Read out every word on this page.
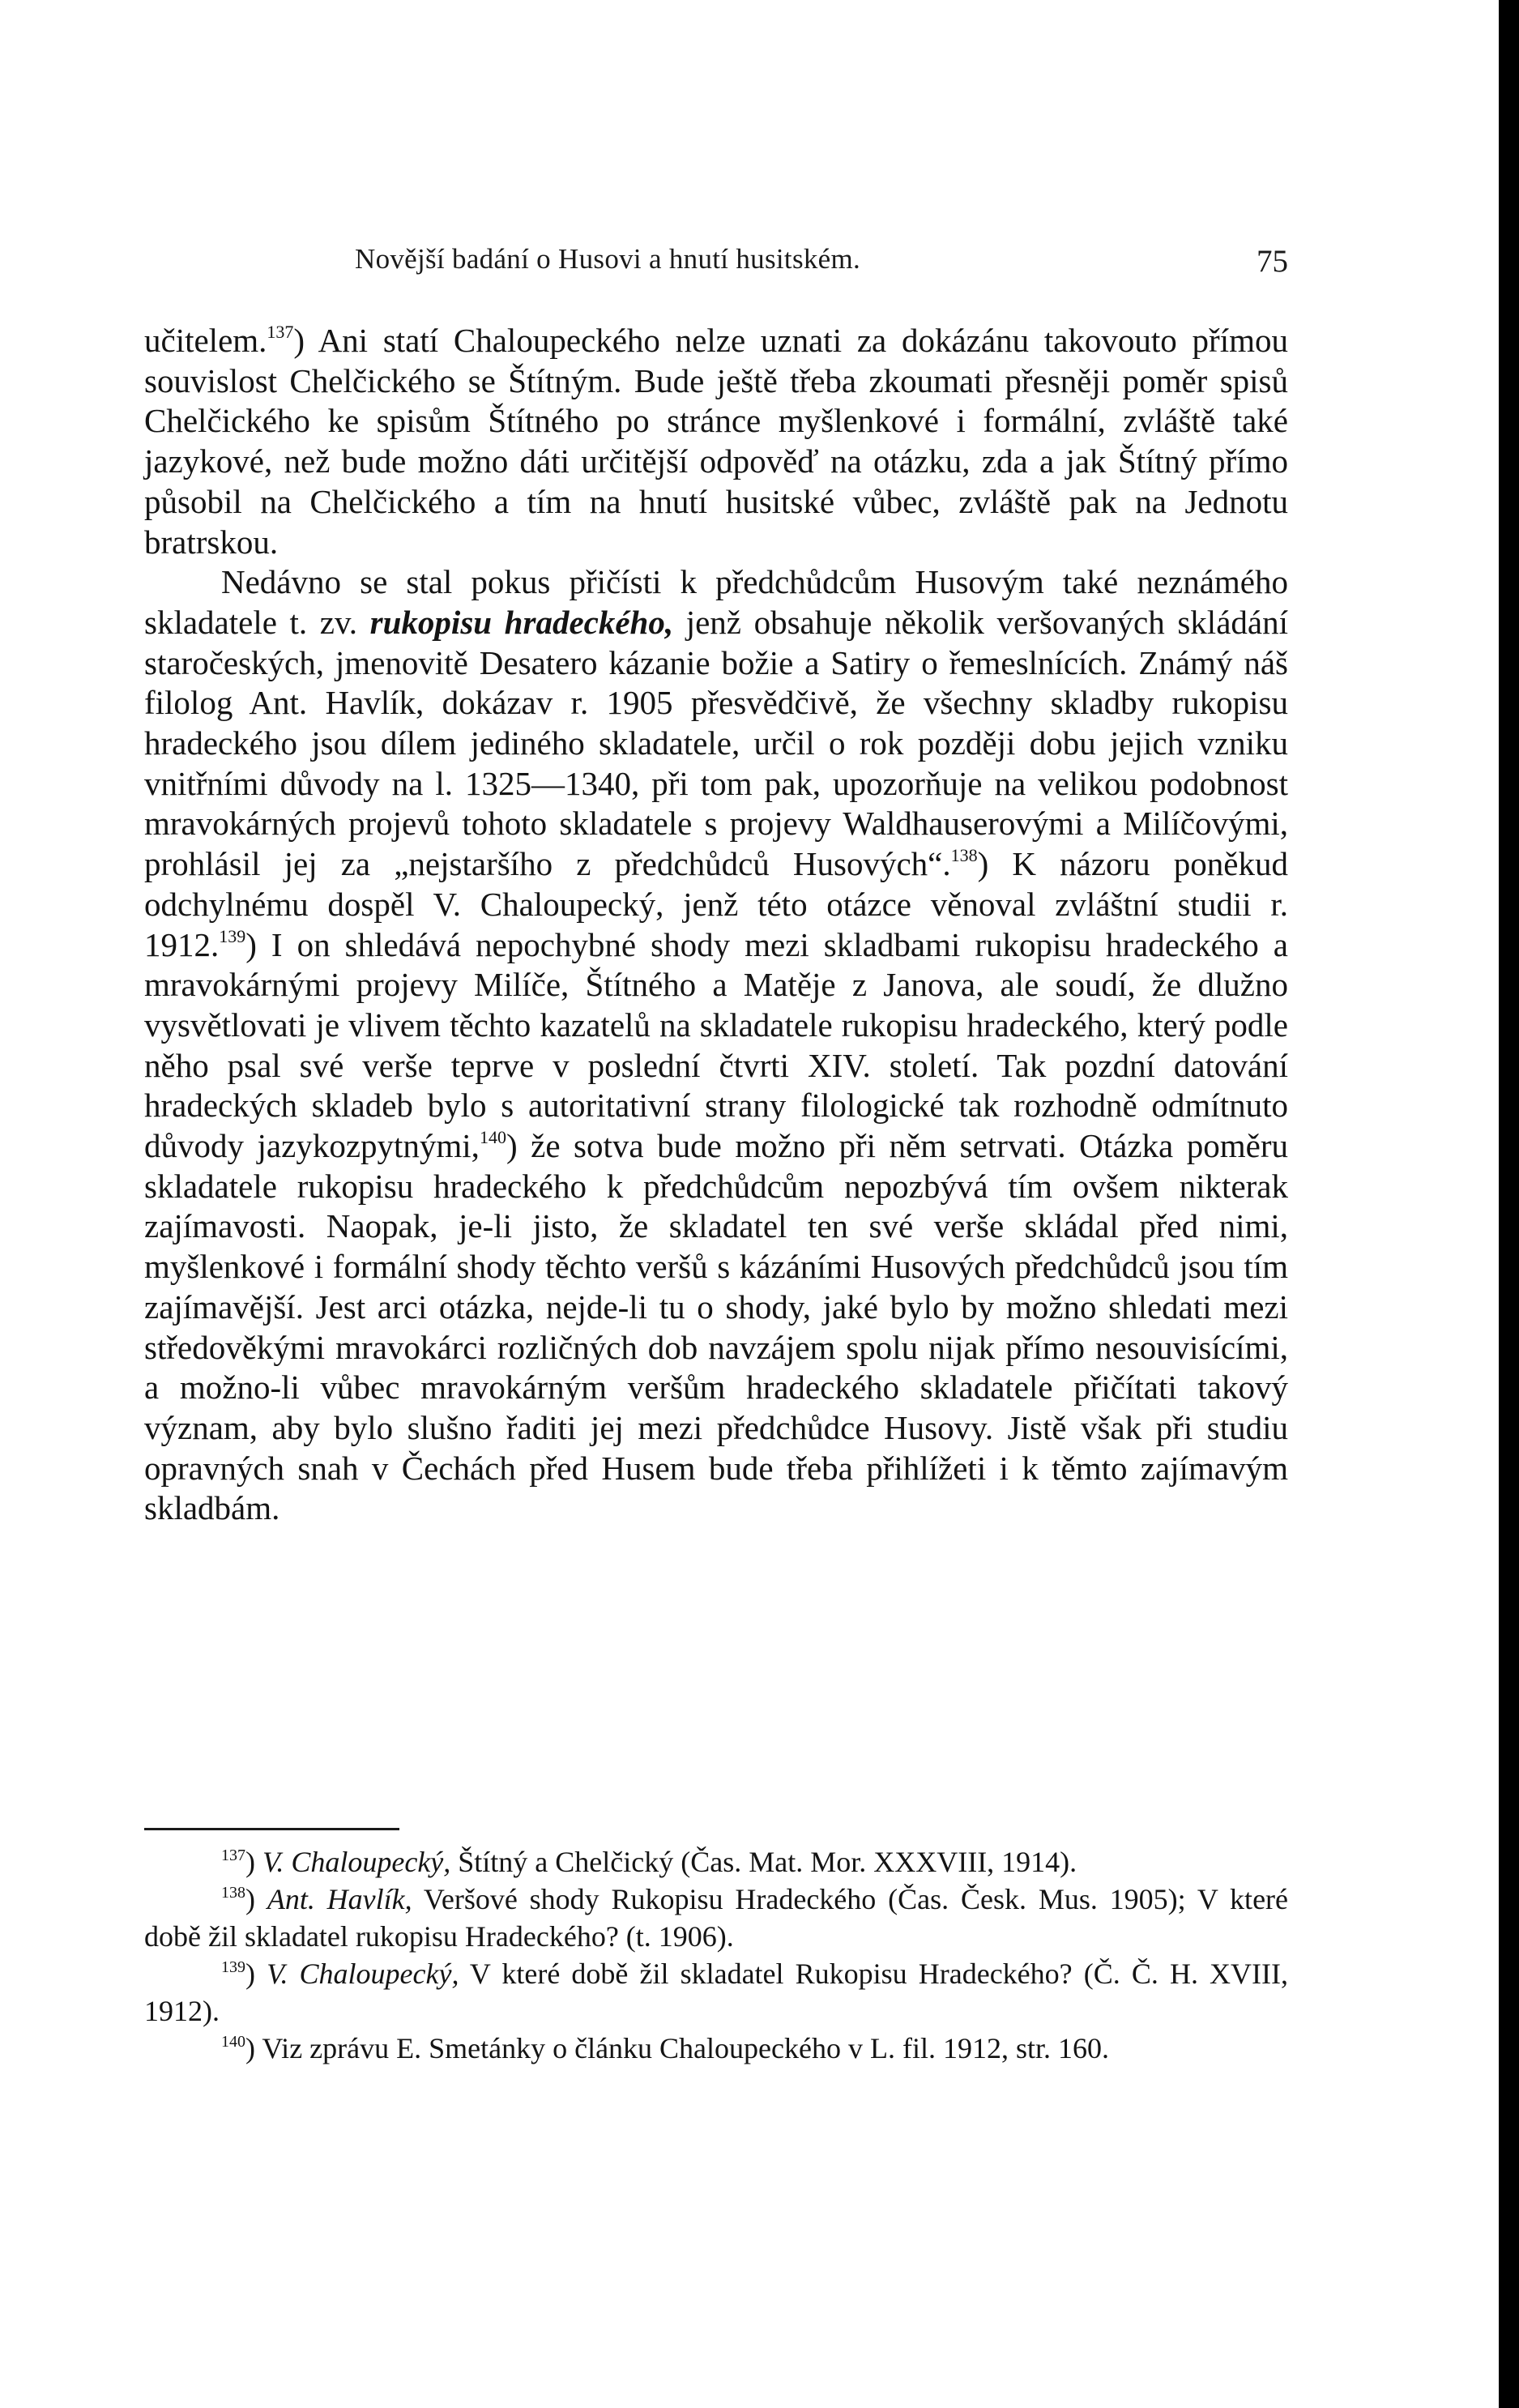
Novější badání o Husovi a hnutí husitském.	75

učitelem.$^{137}$) Ani statí Chaloupeckého nelze uznati za dokázánu takovouto přímou souvislost Chelčického se Štítným. Bude ještě třeba zkoumati přesněji poměr spisů Chelčického ke spisům Štítného po stránce myšlenkové i formální, zvláště také jazykové, než bude možno dáti určitější odpověď na otázku, zda a jak Štítný přímo působil na Chelčického a tím na hnutí husitské vůbec, zvláště pak na Jednotu bratrskou.

Nedávno se stal pokus přičísti k předchůdcům Husovým také neznámého skladatele t. zv. rukopisu hradeckého, jenž obsahuje několik veršovaných skládání staročeských, jmenovitě Desatero kázanie božie a Satiry o řemeslnících. Známý náš filolog Ant. Havlík, dokázav r. 1905 přesvědčivě, že všechny skladby rukopisu hradeckého jsou dílem jediného skladatele, určil o rok později dobu jejich vzniku vnitřními důvody na l. 1325—1340, při tom pak, upozorňuje na velikou podobnost mravokárných projevů tohoto skladatele s projevy Waldhauserovými a Milíčovými, prohlásil jej za „nejstaršího z předchůdců Husových“.$^{138}$) K názoru poněkud odchylnému dospěl V. Chaloupecký, jenž této otázce věnoval zvláštní studii r. 1912.$^{139}$) I on shledává nepochybné shody mezi skladbami rukopisu hradeckého a mravokárnými projevy Milíče, Štítného a Matěje z Janova, ale soudí, že dlužno vysvětlovati je vlivem těchto kazatelů na skladatele rukopisu hradeckého, který podle něho psal své verše teprve v poslední čtvrti XIV. století. Tak pozdní datování hradeckých skladeb bylo s autoritativní strany filologické tak rozhodně odmítnuto důvody jazykozpytnými,$^{140}$) že sotva bude možno při něm setrvati. Otázka poměru skladatele rukopisu hradeckého k předchůdcům nepozbývá tím ovšem nikterak zajímavosti. Naopak, je-li jisto, že skladatel ten své verše skládal před nimi, myšlenkové i formální shody těchto veršů s kázáními Husových předchůdců jsou tím zajímavější. Jest arci otázka, nejde-li tu o shody, jaké bylo by možno shledati mezi středověkými mravokárci rozličných dob navzájem spolu nijak přímo nesouvisícími, a možno-li vůbec mravokárným veršům hradeckého skladatele přičítati takový význam, aby bylo slušno řaditi jej mezi předchůdce Husovy. Jistě však při studiu opravných snah v Čechách před Husem bude třeba přihlížeti i k těmto zajímavým skladbám.

$^{137}$) V. Chaloupecký, Štítný a Chelčický (Čas. Mat. Mor. XXXVIII, 1914).

$^{138}$) Ant. Havlík, Veršové shody Rukopisu Hradeckého (Čas. Česk. Mus. 1905); V které době žil skladatel rukopisu Hradeckého? (t. 1906).

$^{139}$) V. Chaloupecký, V které době žil skladatel Rukopisu Hradeckého? (Č. Č. H. XVIII, 1912).

$^{140}$) Viz zprávu E. Smetánky o článku Chaloupeckého v L. fil. 1912, str. 160.
